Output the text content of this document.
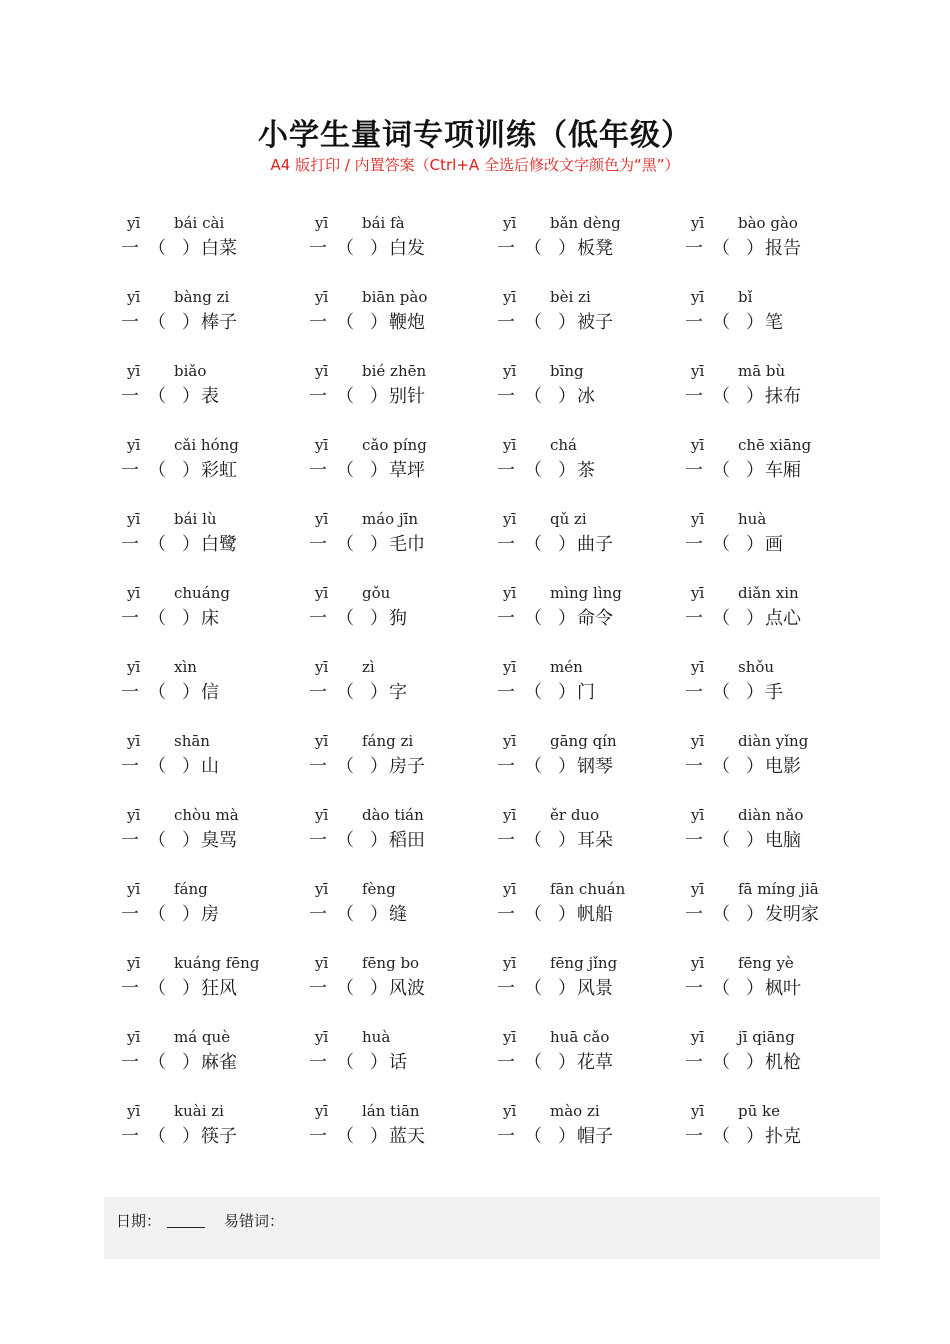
小学生量词专项训练（低年级）
A4 版打印 / 内置答案（Ctrl+A 全选后修改文字颜色为“黑”）
yī bái cài
一 （ ） 白菜
yī bái fà
一 （ ） 白发
yī bǎn dèng
一 （ ） 板凳
yī bào gào
一 （ ） 报告
yī bàng zi
一 （ ） 棒子
yī biān pào
一 （ ） 鞭炮
yī bèi zi
一 （ ） 被子
yī bǐ
一 （ ） 笔
yī biǎo
一 （ ） 表
yī bié zhēn
一 （ ） 别针
yī bīng
一 （ ） 冰
yī mā bù
一 （ ） 抹布
yī cǎi hóng
一 （ ） 彩虹
yī cǎo píng
一 （ ） 草坪
yī chá
一 （ ） 茶
yī chē xiāng
一 （ ） 车厢
yī bái lù
一 （ ） 白鹭
yī máo jīn
一 （ ） 毛巾
yī qǔ zi
一 （ ） 曲子
yī huà
一 （ ） 画
yī chuáng
一 （ ） 床
yī gǒu
一 （ ） 狗
yī mìng lìng
一 （ ） 命令
yī diǎn xin
一 （ ） 点心
yī xìn
一 （ ） 信
yī zì
一 （ ） 字
yī mén
一 （ ） 门
yī shǒu
一 （ ） 手
yī shān
一 （ ） 山
yī fáng zi
一 （ ） 房子
yī gāng qín
一 （ ） 钢琴
yī diàn yǐng
一 （ ） 电影
yī chòu mà
一 （ ） 臭骂
yī dào tián
一 （ ） 稻田
yī ěr duo
一 （ ） 耳朵
yī diàn nǎo
一 （ ） 电脑
yī fáng
一 （ ） 房
yī fèng
一 （ ） 缝
yī fān chuán
一 （ ） 帆船
yī fā míng jiā
一 （ ） 发明家
yī kuáng fēng
一 （ ） 狂风
yī fēng bo
一 （ ） 风波
yī fēng jǐng
一 （ ） 风景
yī fēng yè
一 （ ） 枫叶
yī má què
一 （ ） 麻雀
yī huà
一 （ ） 话
yī huā cǎo
一 （ ） 花草
yī jī qiāng
一 （ ） 机枪
yī kuài zi
一 （ ） 筷子
yī lán tiān
一 （ ） 蓝天
yī mào zi
一 （ ） 帽子
yī pū ke
一 （ ） 扑克
日期：	易错词：
